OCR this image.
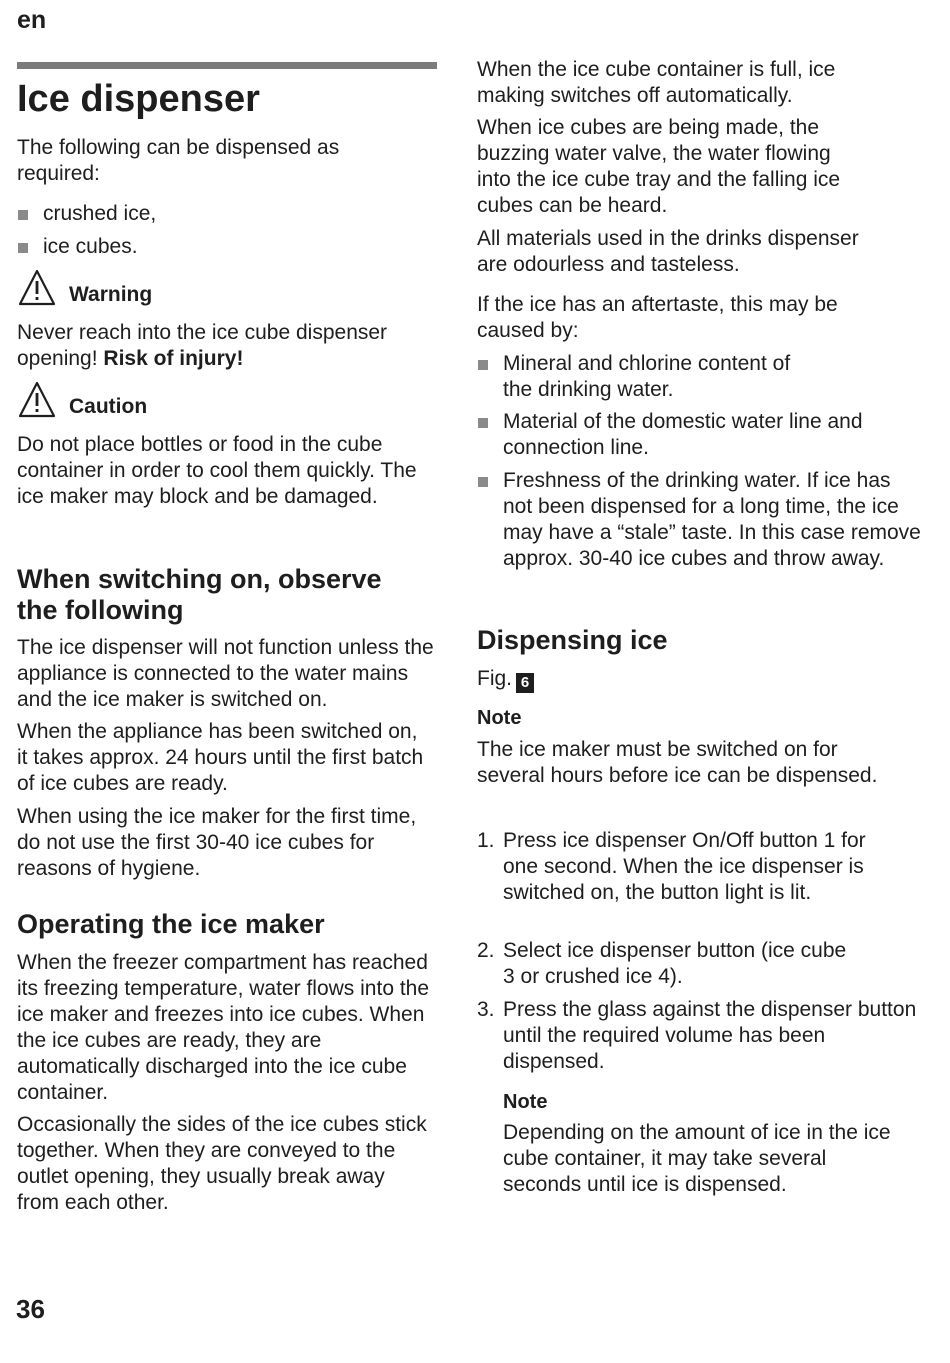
en
Ice dispenser

The following can be dispensed as required:

crushed ice,
ice cubes.
Warning

Never reach into the ice cube dispenser opening! Risk of injury!

Caution

Do not place bottles or food in the cube container in order to cool them quickly. The ice maker may block and be damaged.

When switching on, observe the following

The ice dispenser will not function unless the appliance is connected to the water mains and the ice maker is switched on.

When the appliance has been switched on, it takes approx. 24 hours until the first batch of ice cubes are ready.

When using the ice maker for the first time, do not use the first 30-40 ice cubes for reasons of hygiene.

Operating the ice maker

When the freezer compartment has reached its freezing temperature, water flows into the ice maker and freezes into ice cubes. When the ice cubes are ready, they are automatically discharged into the ice cube container.

Occasionally the sides of the ice cubes stick together. When they are conveyed to the outlet opening, they usually break away from each other.

When the ice cube container is full, ice making switches off automatically.

When ice cubes are being made, the buzzing water valve, the water flowing into the ice cube tray and the falling ice cubes can be heard.

All materials used in the drinks dispenser are odourless and tasteless.

If the ice has an aftertaste, this may be caused by:

Mineral and chlorine content of the drinking water.
Material of the domestic water line and connection line.
Freshness of the drinking water. If ice has not been dispensed for a long time, the ice may have a “stale” taste. In this case remove approx. 30-40 ice cubes and throw away.
Dispensing ice

Fig. 6

Note

The ice maker must be switched on for several hours before ice can be dispensed.

1. Press ice dispenser On/Off button 1 for one second. When the ice dispenser is switched on, the button light is lit.
2. Select ice dispenser button (ice cube 3 or crushed ice 4).
3. Press the glass against the dispenser button until the required volume has been dispensed.
Note

Depending on the amount of ice in the ice cube container, it may take several seconds until ice is dispensed.

36
